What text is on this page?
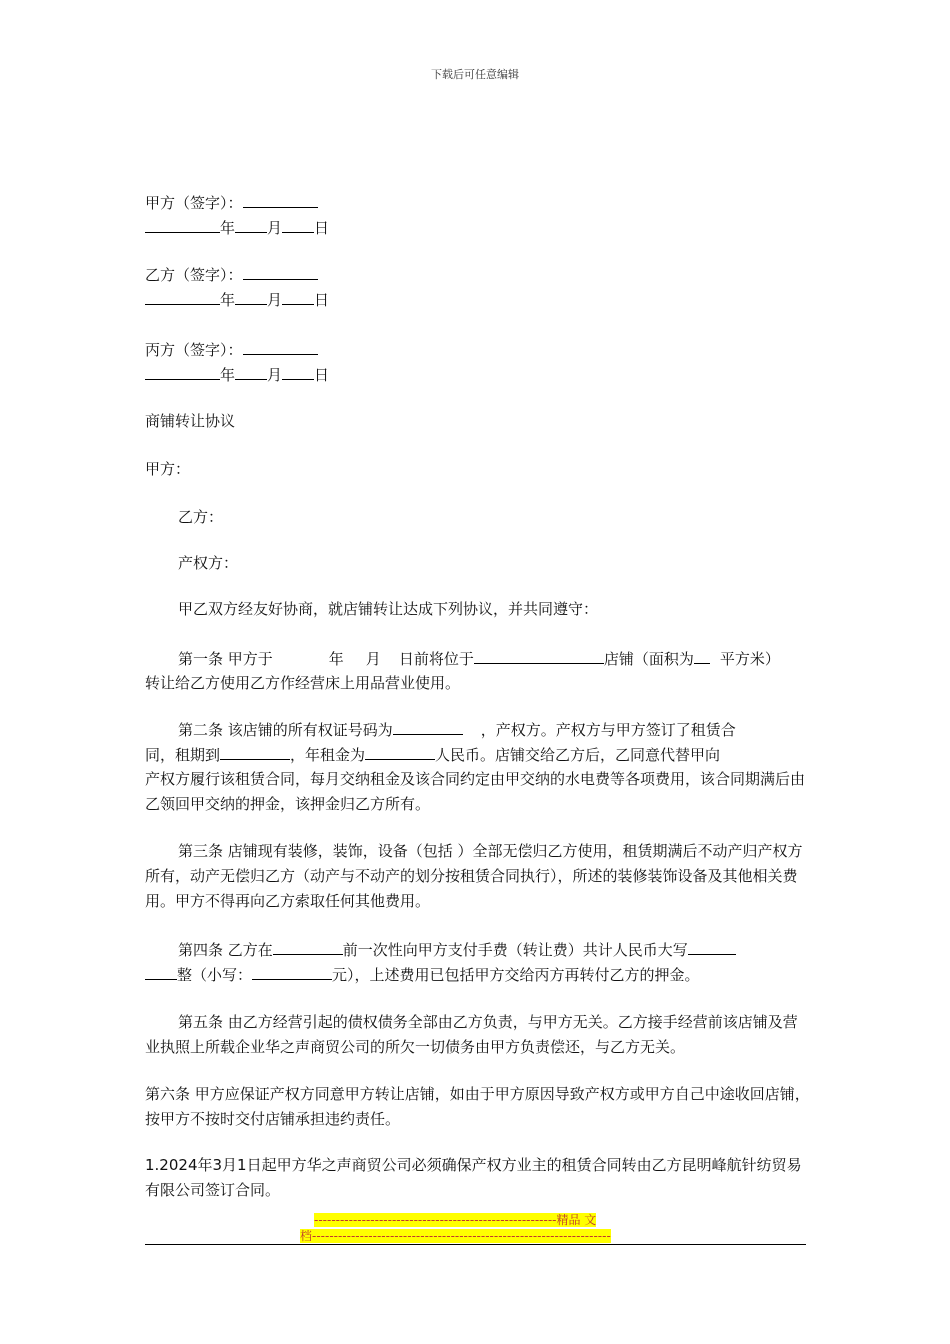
下载后可任意编辑
甲方（签字）：
年 月 日
乙方（签字）：
年 月 日
丙方（签字）：
年 月 日
商铺转让协议
甲方：
乙方：
产权方：
甲乙双方经友好协商，就店铺转让达成下列协议，并共同遵守：
第一条 甲方于	年 月 日前将位于	店铺（面积为 平方米）
转让给乙方使用乙方作经营床上用品营业使用。
第二条 该店铺的所有权证号码为	，产权方。产权方与甲方签订了租赁合
同，租期到	，年租金为	人民币。店铺交给乙方后，乙同意代替甲向
产权方履行该租赁合同，每月交纳租金及该合同约定由甲交纳的水电费等各项费用，该合同期满后由乙领回甲交纳的押金，该押金归乙方所有。
第三条 店铺现有装修，装饰，设备（包括 ）全部无偿归乙方使用，租赁期满后不动产归产权方所有，动产无偿归乙方（动产与不动产的划分按租赁合同执行），所述的装修装饰设备及其他相关费用。甲方不得再向乙方索取任何其他费用。
第四条 乙方在	前一次性向甲方支付手费（转让费）共计人民币大写
整（小写：	元），上述费用已包括甲方交给丙方再转付乙方的押金。
第五条 由乙方经营引起的债权债务全部由乙方负责，与甲方无关。乙方接手经营前该店铺及营业执照上所载企业华之声商贸公司的所欠一切债务由甲方负责偿还，与乙方无关。
第六条 甲方应保证产权方同意甲方转让店铺，如由于甲方原因导致产权方或甲方自己中途收回店铺，按甲方不按时交付店铺承担违约责任。
1.2024年3月1日起甲方华之声商贸公司必须确保产权方业主的租赁合同转由乙方昆明峰航针纺贸易有限公司签订合同。
--------------------------------------------------------精品 文
档---------------------------------------------------------------------
